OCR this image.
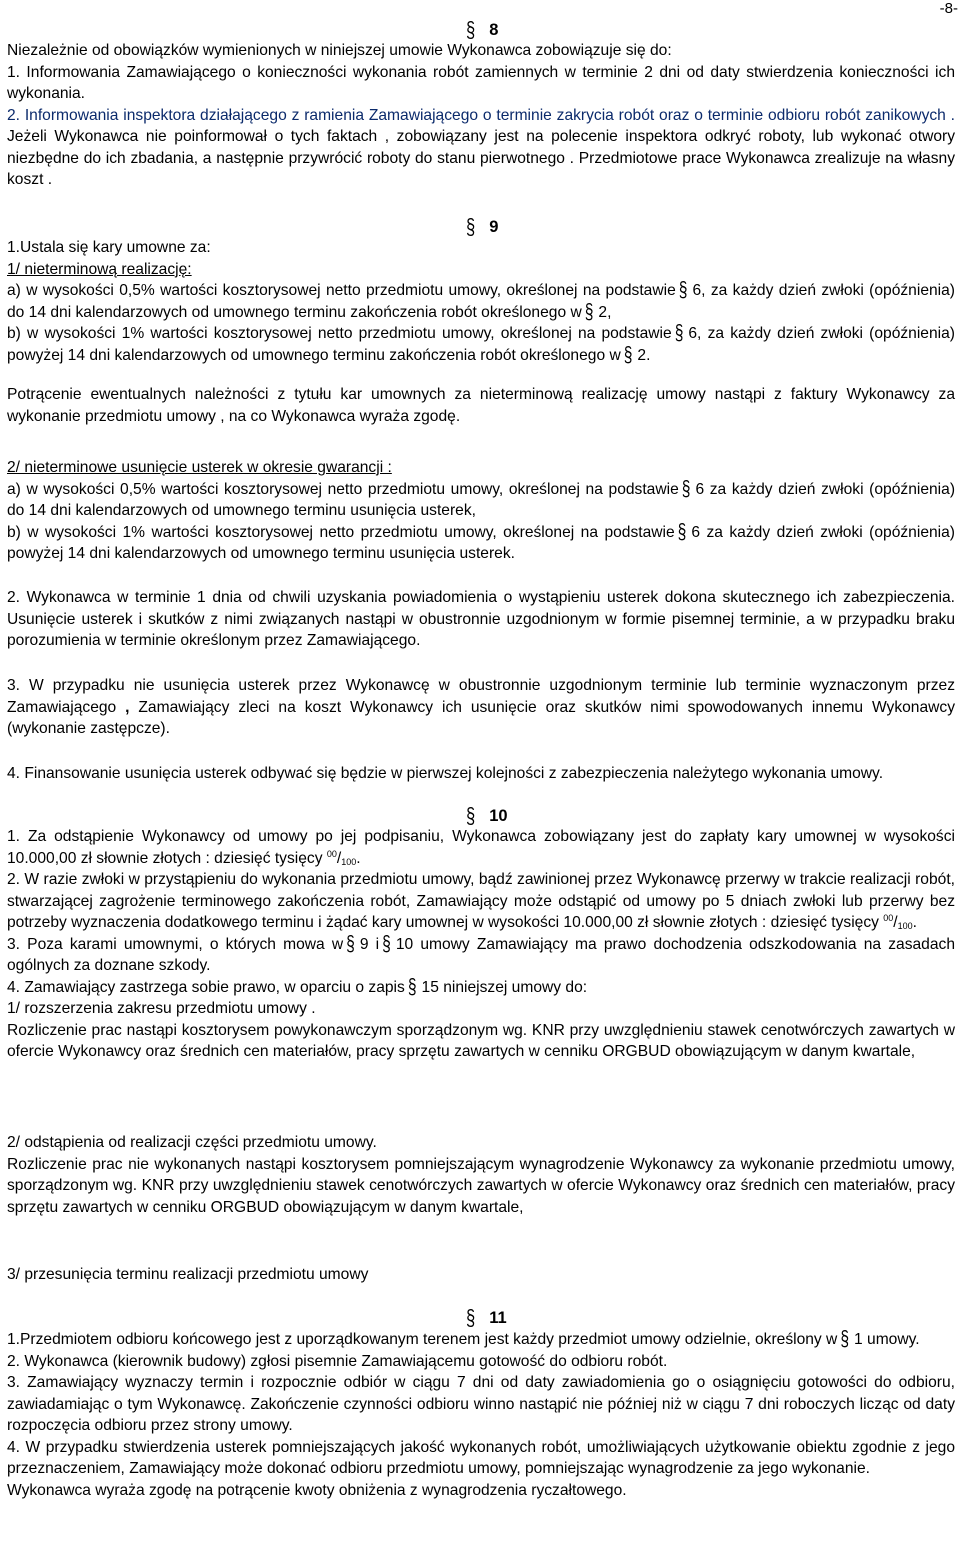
-8-
§ 8

Niezależnie od obowiązków wymienionych w niniejszej umowie Wykonawca zobowiązuje się do:

1. Informowania Zamawiającego o konieczności wykonania robót zamiennych w terminie 2 dni od daty stwierdzenia konieczności ich wykonania.

2. Informowania inspektora działającego z ramienia Zamawiającego o terminie zakrycia robót oraz o terminie odbioru robót zanikowych . Jeżeli Wykonawca nie poinformował o tych faktach , zobowiązany jest na polecenie inspektora odkryć roboty, lub wykonać otwory niezbędne do ich zbadania, a następnie przywrócić roboty do stanu pierwotnego . Przedmiotowe prace Wykonawca zrealizuje na własny koszt .

§ 9

1.Ustala się kary umowne za:

1/ nieterminową realizację:

a) w wysokości 0,5% wartości kosztorysowej netto przedmiotu umowy, określonej na podstawie § 6, za każdy dzień zwłoki (opóźnienia) do 14 dni kalendarzowych od umownego terminu zakończenia robót określonego w § 2,

b) w wysokości 1% wartości kosztorysowej netto przedmiotu umowy, określonej na podstawie § 6, za każdy dzień zwłoki (opóźnienia) powyżej 14 dni kalendarzowych od umownego terminu zakończenia robót określonego w § 2.

Potrącenie ewentualnych należności z tytułu kar umownych za nieterminową realizację umowy nastąpi z faktury Wykonawcy za wykonanie przedmiotu umowy , na co Wykonawca wyraża zgodę.

2/ nieterminowe usunięcie usterek w okresie gwarancji :

a) w wysokości 0,5% wartości kosztorysowej netto przedmiotu umowy, określonej na podstawie § 6 za każdy dzień zwłoki (opóźnienia) do 14 dni kalendarzowych od umownego terminu usunięcia usterek,

b) w wysokości 1% wartości kosztorysowej netto przedmiotu umowy, określonej na podstawie § 6 za każdy dzień zwłoki (opóźnienia) powyżej 14 dni kalendarzowych od umownego terminu usunięcia usterek.

2. Wykonawca w terminie 1 dnia od chwili uzyskania powiadomienia o wystąpieniu usterek dokona skutecznego ich zabezpieczenia. Usunięcie usterek i skutków z nimi związanych nastąpi w obustronnie uzgodnionym w formie pisemnej terminie, a w przypadku braku porozumienia w terminie określonym przez Zamawiającego.

3. W przypadku nie usunięcia usterek przez Wykonawcę w obustronnie uzgodnionym terminie lub terminie wyznaczonym przez Zamawiającego , Zamawiający zleci na koszt Wykonawcy ich usunięcie oraz skutków nimi spowodowanych innemu Wykonawcy (wykonanie zastępcze).

4. Finansowanie usunięcia usterek odbywać się będzie w pierwszej kolejności z zabezpieczenia należytego wykonania umowy.

§ 10

1. Za odstąpienie Wykonawcy od umowy po jej podpisaniu, Wykonawca zobowiązany jest do zapłaty kary umownej w wysokości 10.000,00 zł słownie złotych : dziesięć tysięcy $^{00}/_{100}$.

2. W razie zwłoki w przystąpieniu do wykonania przedmiotu umowy, bądź zawinionej przez Wykonawcę przerwy w trakcie realizacji robót, stwarzającej zagrożenie terminowego zakończenia robót, Zamawiający może odstąpić od umowy po 5 dniach zwłoki lub przerwy bez potrzeby wyznaczenia dodatkowego terminu i żądać kary umownej w wysokości 10.000,00 zł słownie złotych : dziesięć tysięcy $^{00}/_{100}$.

3. Poza karami umownymi, o których mowa w § 9 i § 10 umowy Zamawiający ma prawo dochodzenia odszkodowania na zasadach ogólnych za doznane szkody.

4. Zamawiający zastrzega sobie prawo, w oparciu o zapis § 15 niniejszej umowy do:

1/ rozszerzenia zakresu przedmiotu umowy .

Rozliczenie prac nastąpi kosztorysem powykonawczym sporządzonym wg. KNR przy uwzględnieniu stawek cenotwórczych zawartych w ofercie Wykonawcy oraz średnich cen materiałów, pracy sprzętu zawartych w cenniku ORGBUD obowiązującym w danym kwartale,

2/ odstąpienia od realizacji części przedmiotu umowy.

Rozliczenie prac nie wykonanych nastąpi kosztorysem pomniejszającym wynagrodzenie Wykonawcy za wykonanie przedmiotu umowy, sporządzonym wg. KNR przy uwzględnieniu stawek cenotwórczych zawartych w ofercie Wykonawcy oraz średnich cen materiałów, pracy sprzętu zawartych w cenniku ORGBUD obowiązującym w danym kwartale,

3/ przesunięcia terminu realizacji przedmiotu umowy

§ 11

1.Przedmiotem odbioru końcowego jest z uporządkowanym terenem jest każdy przedmiot umowy odzielnie, określony w § 1 umowy.

2. Wykonawca (kierownik budowy) zgłosi pisemnie Zamawiającemu gotowość do odbioru robót.

3. Zamawiający wyznaczy termin i rozpocznie odbiór w ciągu 7 dni od daty zawiadomienia go o osiągnięciu gotowości do odbioru, zawiadamiając o tym Wykonawcę. Zakończenie czynności odbioru winno nastąpić nie później niż w ciągu 7 dni roboczych licząc od daty rozpoczęcia odbioru przez strony umowy.

4. W przypadku stwierdzenia usterek pomniejszających jakość wykonanych robót, umożliwiających użytkowanie obiektu zgodnie z jego przeznaczeniem, Zamawiający może dokonać odbioru przedmiotu umowy, pomniejszając wynagrodzenie za jego wykonanie.

Wykonawca wyraża zgodę na potrącenie kwoty obniżenia z wynagrodzenia ryczałtowego.
